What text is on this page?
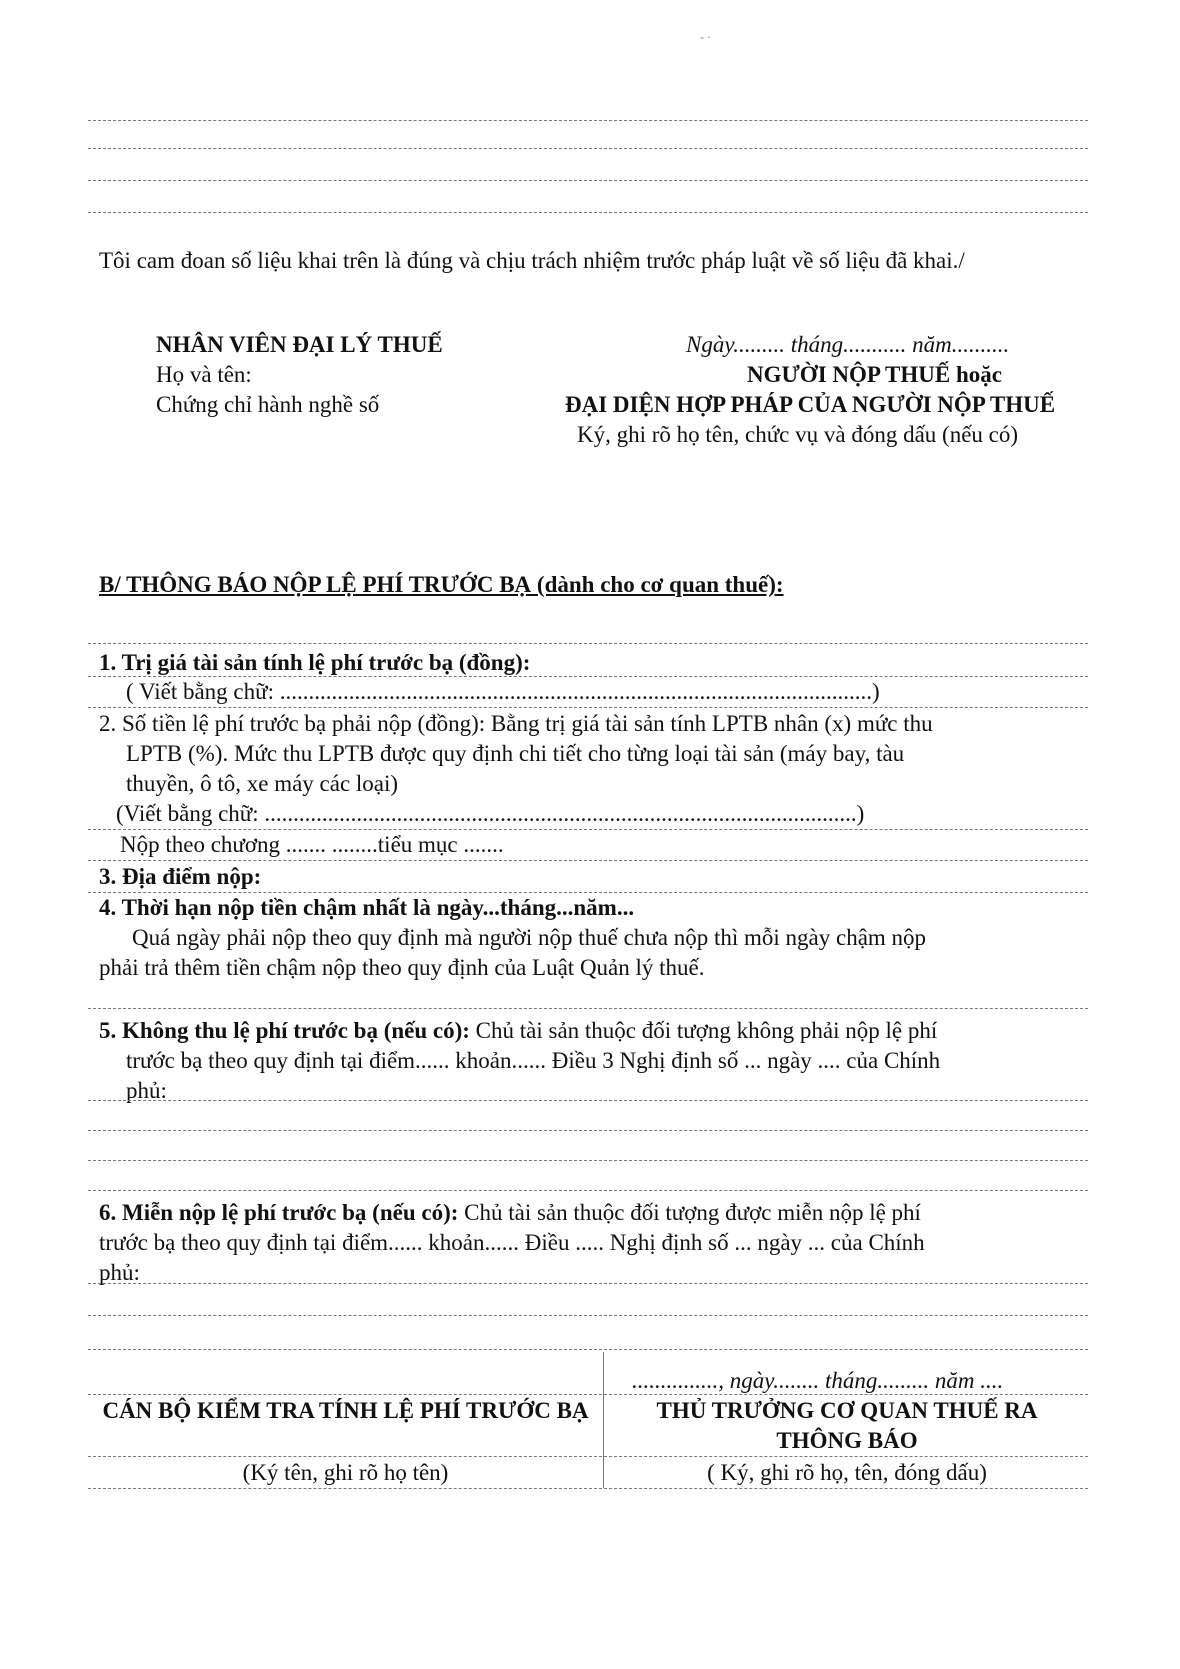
- ·
Tôi cam đoan số liệu khai trên là đúng và chịu trách nhiệm trước pháp luật về số liệu đã khai./
NHÂN VIÊN ĐẠI LÝ THUẾ
Họ và tên:
Chứng chỉ hành nghề số
Ngày......... tháng........... năm..........
NGƯỜI NỘP THUẾ hoặc
ĐẠI DIỆN HỢP PHÁP CỦA NGƯỜI NỘP THUẾ
Ký, ghi rõ họ tên, chức vụ và đóng dấu (nếu có)
B/ THÔNG BÁO NỘP LỆ PHÍ TRƯỚC BẠ (dành cho cơ quan thuế):
1. Trị giá tài sản tính lệ phí trước bạ (đồng):
( Viết bằng chữ: .......................................................................................................)
2. Số tiền lệ phí trước bạ phải nộp (đồng): Bằng trị giá tài sản tính LPTB nhân (x) mức thu
LPTB (%). Mức thu LPTB được quy định chi tiết cho từng loại tài sản (máy bay, tàu
thuyền, ô tô, xe máy các loại)
(Viết bằng chữ: .......................................................................................................)
Nộp theo chương ....... ........tiểu mục .......
3. Địa điểm nộp:
4. Thời hạn nộp tiền chậm nhất là ngày...tháng...năm...
Quá ngày phải nộp theo quy định mà người nộp thuế chưa nộp thì mỗi ngày chậm nộp
phải trả thêm tiền chậm nộp theo quy định của Luật Quản lý thuế.
5. Không thu lệ phí trước bạ (nếu có): Chủ tài sản thuộc đối tượng không phải nộp lệ phí
trước bạ theo quy định tại điểm...... khoản...... Điều 3 Nghị định số ... ngày .... của Chính
phủ:
6. Miễn nộp lệ phí trước bạ (nếu có): Chủ tài sản thuộc đối tượng được miễn nộp lệ phí
trước bạ theo quy định tại điểm...... khoản...... Điều ..... Nghị định số ... ngày ... của Chính
phủ:
..............., ngày........ tháng......... năm ....
CÁN BỘ KIỂM TRA TÍNH LỆ PHÍ TRƯỚC BẠ	THỦ TRƯỞNG CƠ QUAN THUẾ RA
THÔNG BÁO
(Ký tên, ghi rõ họ tên)	( Ký, ghi rõ họ, tên, đóng dấu)
